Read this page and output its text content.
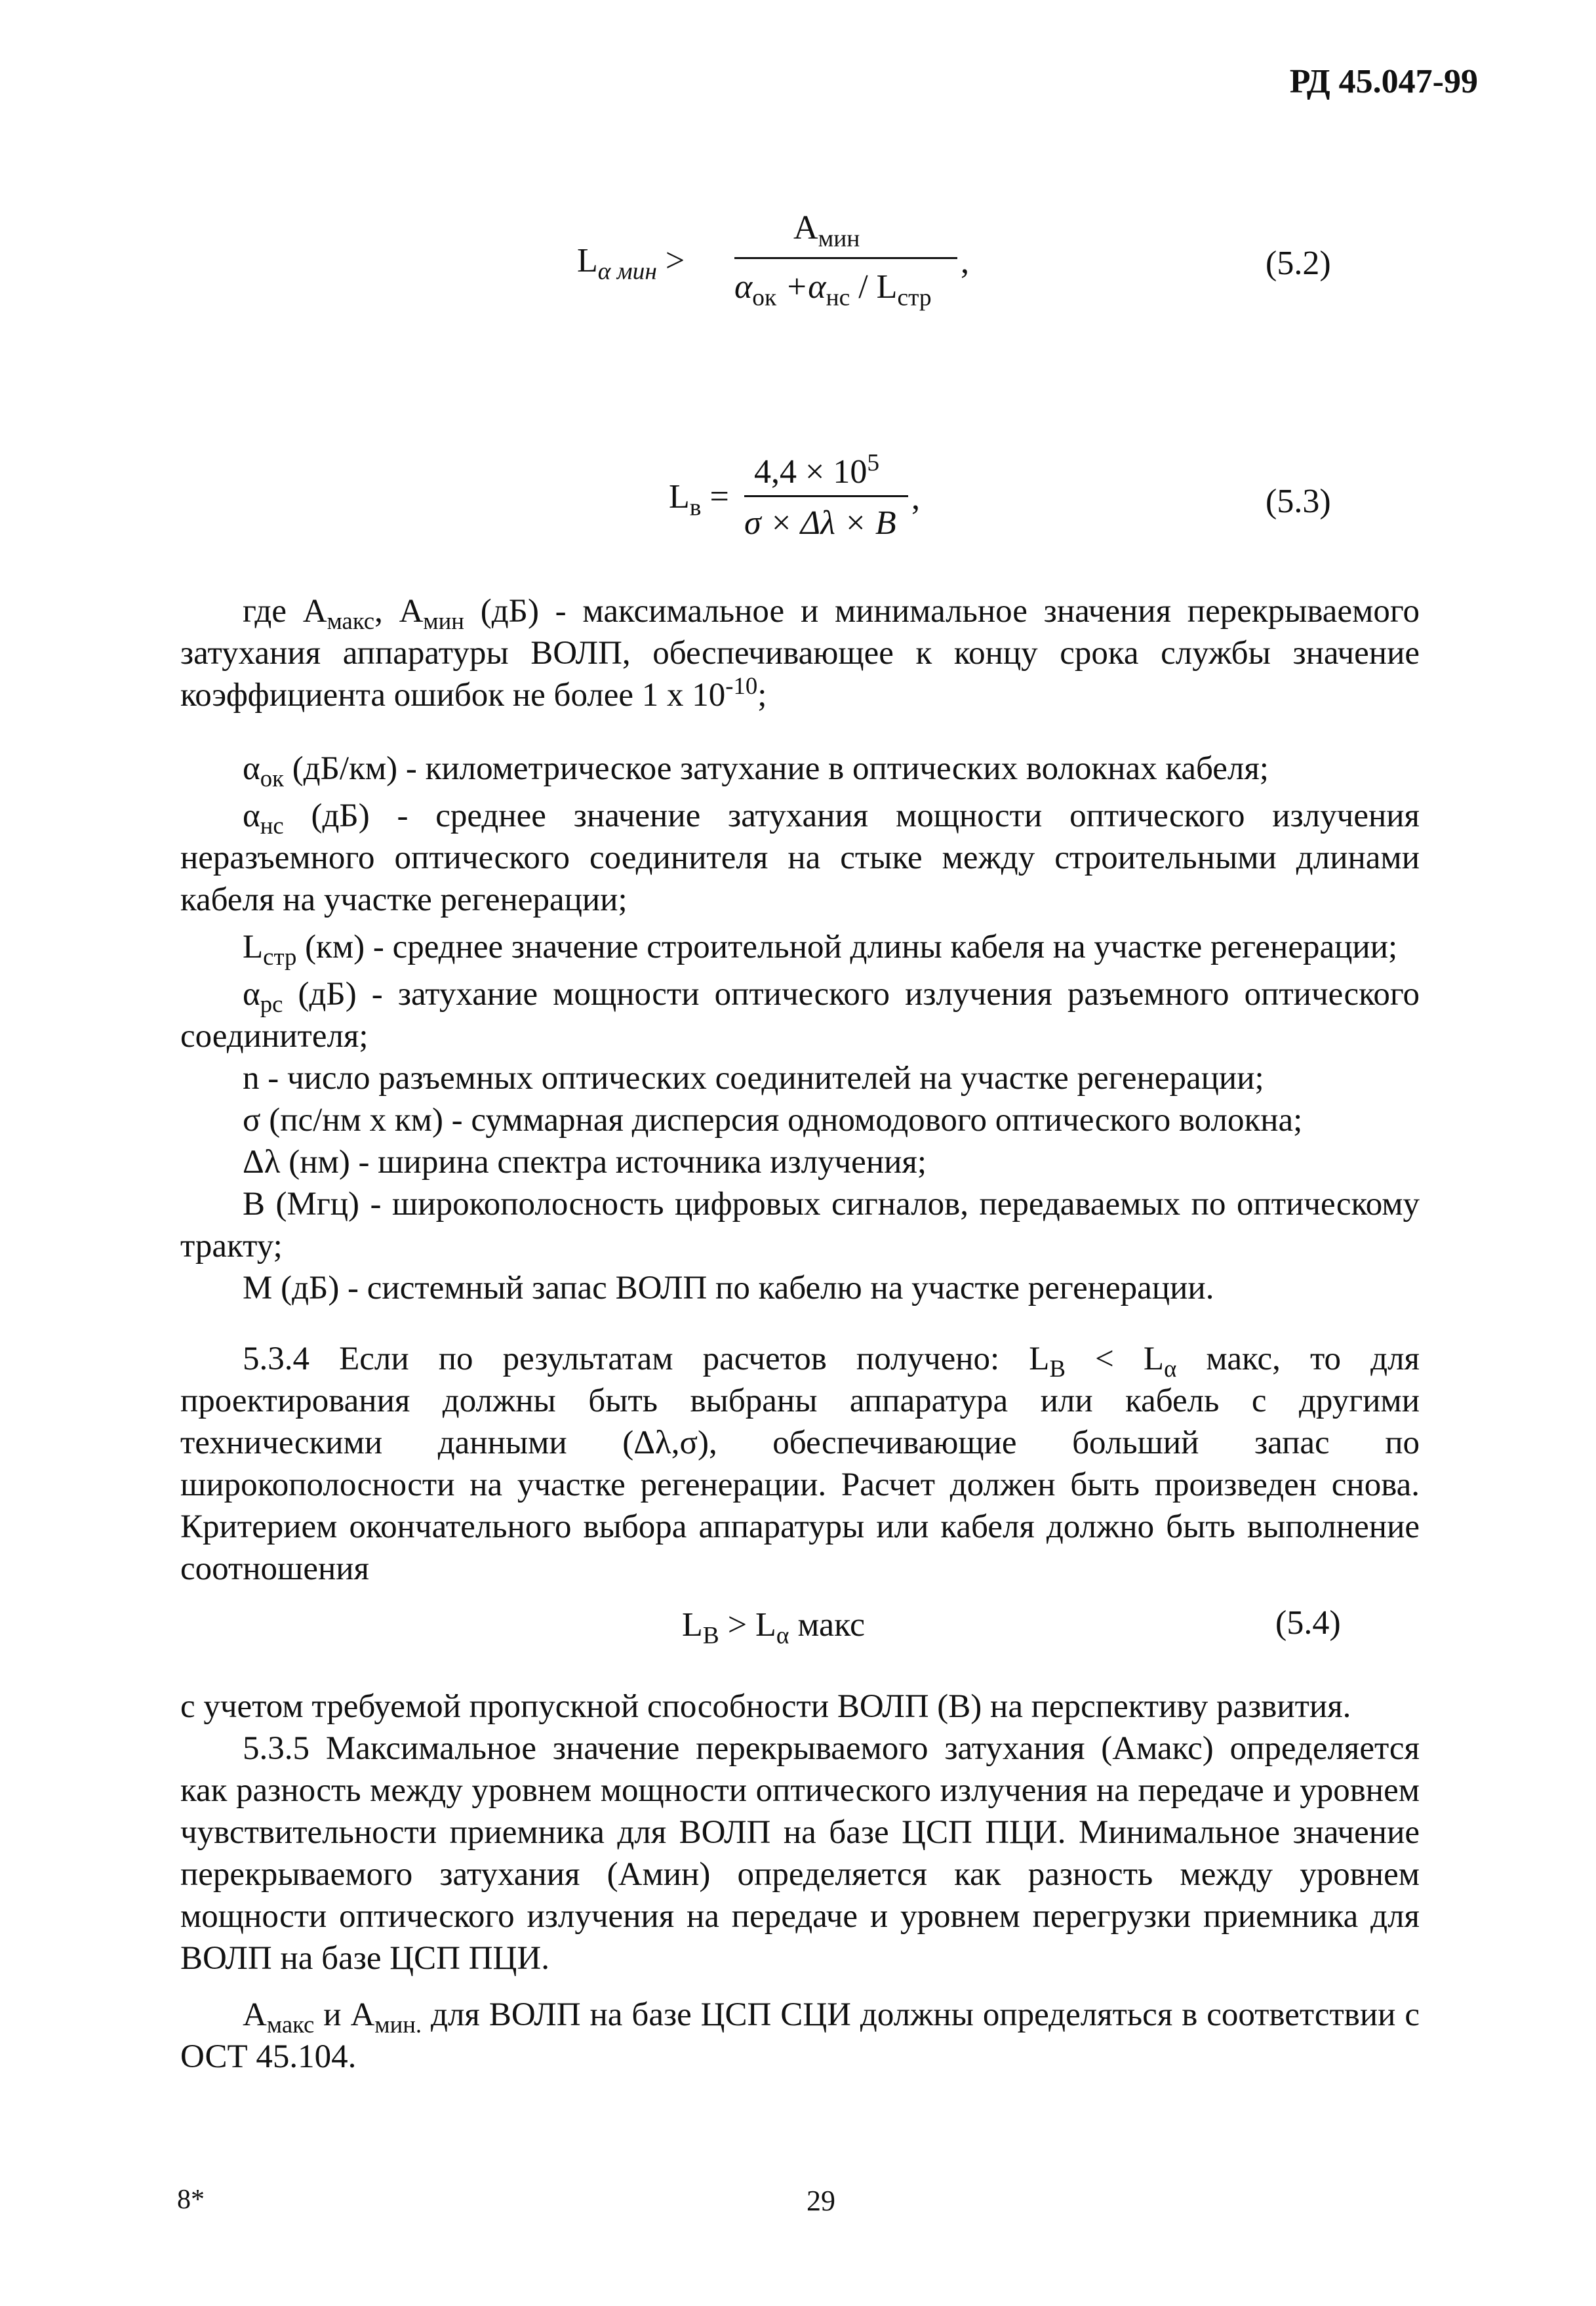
РД 45.047-99
$L_{\alpha мин}$ >
$A_{мин}$
$\alpha_{ок} +\alpha_{нс} / L_{стр}$
,	(5.2)
$L_в$ =
$4,4 \times 10^5$
σ × Δλ × B
,	(5.3)
где $А_{макс}$, $А_{мин}$ (дБ) - максимальное и минимальное значения перекрываемого затухания аппаратуры ВОЛП, обеспечивающее к концу срока службы значение коэффициента ошибок не более 1 х $10^{-10}$;

$\alpha_{ок}$ (дБ/км) - километрическое затухание в оптических волокнах кабеля;

$\alpha_{нс}$ (дБ) - среднее значение затухания мощности оптического излучения неразъемного оптического соединителя на стыке между строительными длинами кабеля на участке регенерации;

$L_{стр}$ (км) - среднее значение строительной длины кабеля на участке регенерации;

$\alpha_{рс}$ (дБ) - затухание мощности оптического излучения разъемного оптического соединителя;

n - число разъемных оптических соединителей на участке регенерации;

σ (пс/нм х км) - суммарная дисперсия одномодового оптического волокна;

Δλ (нм) - ширина спектра источника излучения;

B (Мгц) - широкополосность цифровых сигналов, передаваемых по оптическому тракту;

М (дБ) - системный запас ВОЛП по кабелю на участке регенерации.

5.3.4 Если по результатам расчетов получено: $L_В < L_\alpha$ макс, то для проектирования должны быть выбраны аппаратура или кабель с другими техническими данными (Δλ,σ), обеспечивающие больший запас по широкополосности на участке регенерации. Расчет должен быть произведен снова. Критерием окончательного выбора аппаратуры или кабеля должно быть выполнение соотношения
$L_В > L_\alpha$ макс	(5.4)
с учетом требуемой пропускной способности ВОЛП (В) на перспективу развития.
5.3.5 Максимальное значение перекрываемого затухания (Амакс) определяется как разность между уровнем мощности оптического излучения на передаче и уровнем чувствительности приемника для ВОЛП на базе ЦСП ПЦИ. Минимальное значение перекрываемого затухания (Амин) определяется как разность между уровнем мощности оптического излучения на передаче и уровнем перегрузки приемника для ВОЛП на базе ЦСП ПЦИ.
$А_{макс}$ и $А_{мин.}$ для ВОЛП на базе ЦСП СЦИ должны определяться в соответствии с ОСТ 45.104.
8*	29
